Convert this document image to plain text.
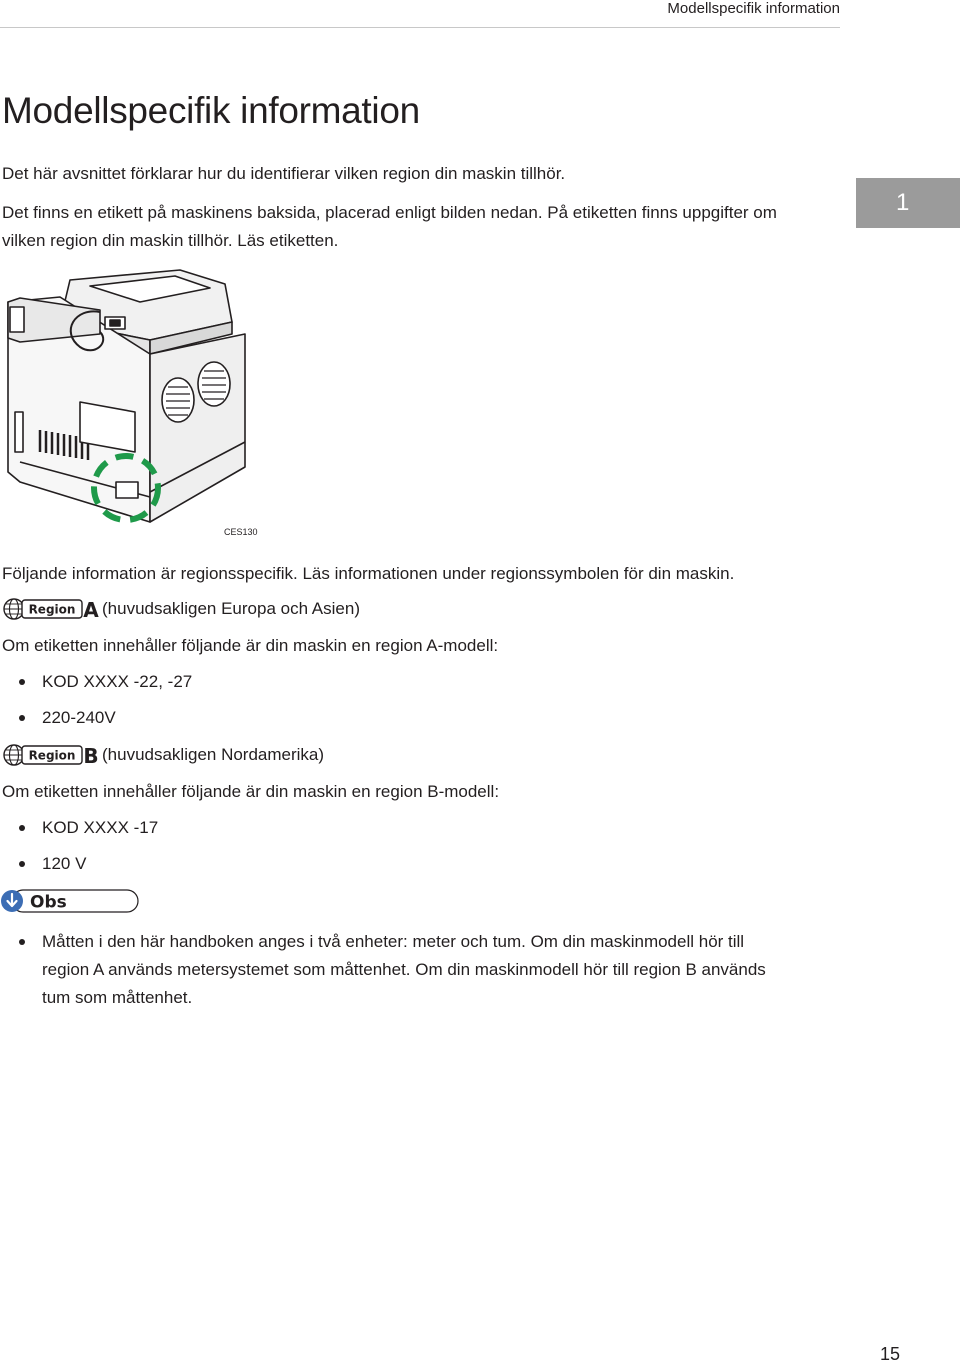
Modellspecifik information
1
Modellspecifik information

Det här avsnittet förklarar hur du identifierar vilken region din maskin tillhör.

Det finns en etikett på maskinens baksida, placerad enligt bilden nedan. På etiketten finns uppgifter om

vilken region din maskin tillhör. Läs etiketten.

CES130

Följande information är regionsspecifik. Läs informationen under regionssymbolen för din maskin.

Region A (huvudsakligen Europa och Asien)

Om etiketten innehåller följande är din maskin en region A-modell:

KOD XXXX -22, -27
220-240V
Region B (huvudsakligen Nordamerika)

Om etiketten innehåller följande är din maskin en region B-modell:

KOD XXXX -17
120 V
Obs
Måtten i den här handboken anges i två enheter: meter och tum. Om din maskinmodell hör till
region A används metersystemet som måttenhet. Om din maskinmodell hör till region B används
tum som måttenhet.
15
